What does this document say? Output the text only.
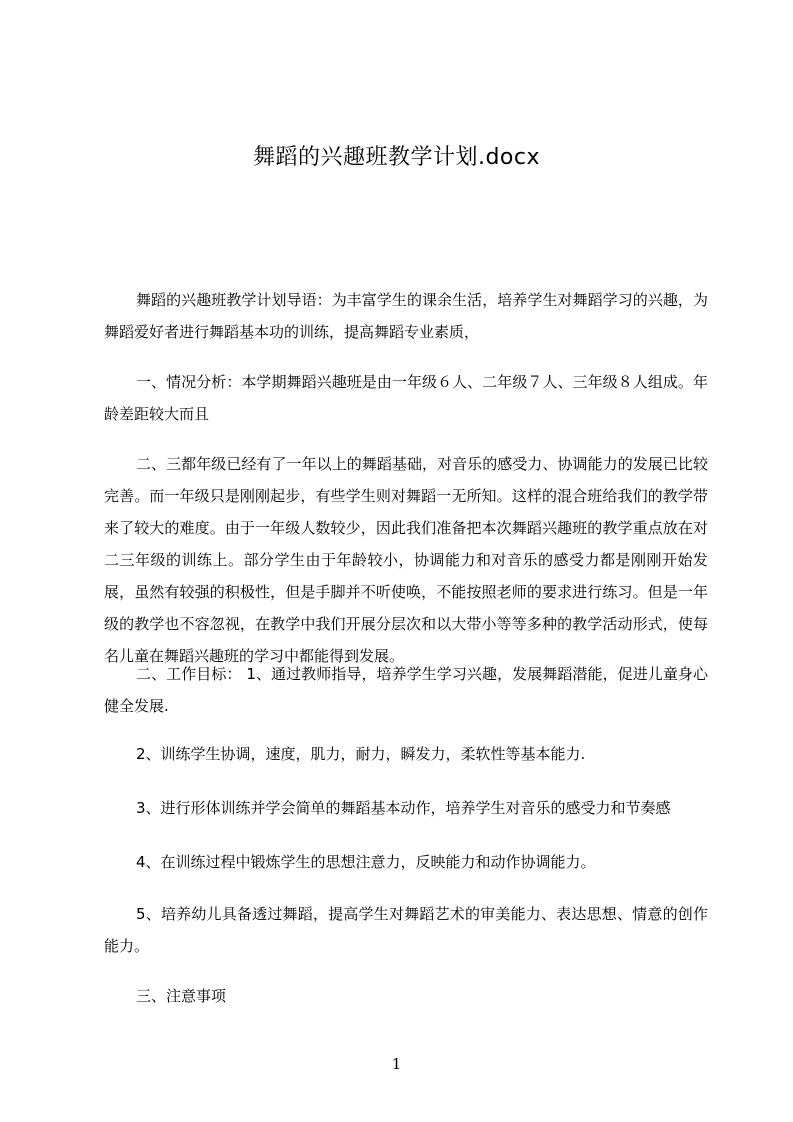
舞蹈的兴趣班教学计划.docx
舞蹈的兴趣班教学计划导语：为丰富学生的课余生活，培养学生对舞蹈学习的兴趣，为舞蹈爱好者进行舞蹈基本功的训练，提高舞蹈专业素质，
一、情况分析：本学期舞蹈兴趣班是由一年级６人、二年级７人、三年级８人组成。年龄差距较大而且
二、三都年级已经有了一年以上的舞蹈基础，对音乐的感受力、协调能力的发展已比较完善。而一年级只是刚刚起步，有些学生则对舞蹈一无所知。这样的混合班给我们的教学带来了较大的难度。由于一年级人数较少，因此我们准备把本次舞蹈兴趣班的教学重点放在对二三年级的训练上。部分学生由于年龄较小，协调能力和对音乐的感受力都是刚刚开始发展，虽然有较强的积极性，但是手脚并不听使唤，不能按照老师的要求进行练习。但是一年级的教学也不容忽视，在教学中我们开展分层次和以大带小等等多种的教学活动形式，使每名儿童在舞蹈兴趣班的学习中都能得到发展。
二、工作目标： 1、通过教师指导，培养学生学习兴趣，发展舞蹈潜能，促进儿童身心健全发展.
2、训练学生协调，速度，肌力，耐力，瞬发力，柔软性等基本能力.
3、进行形体训练并学会简单的舞蹈基本动作，培养学生对音乐的感受力和节奏感
4、在训练过程中锻炼学生的思想注意力，反映能力和动作协调能力。
5、培养幼儿具备透过舞蹈，提高学生对舞蹈艺术的审美能力、表达思想、情意的创作能力。
三、注意事项
1
